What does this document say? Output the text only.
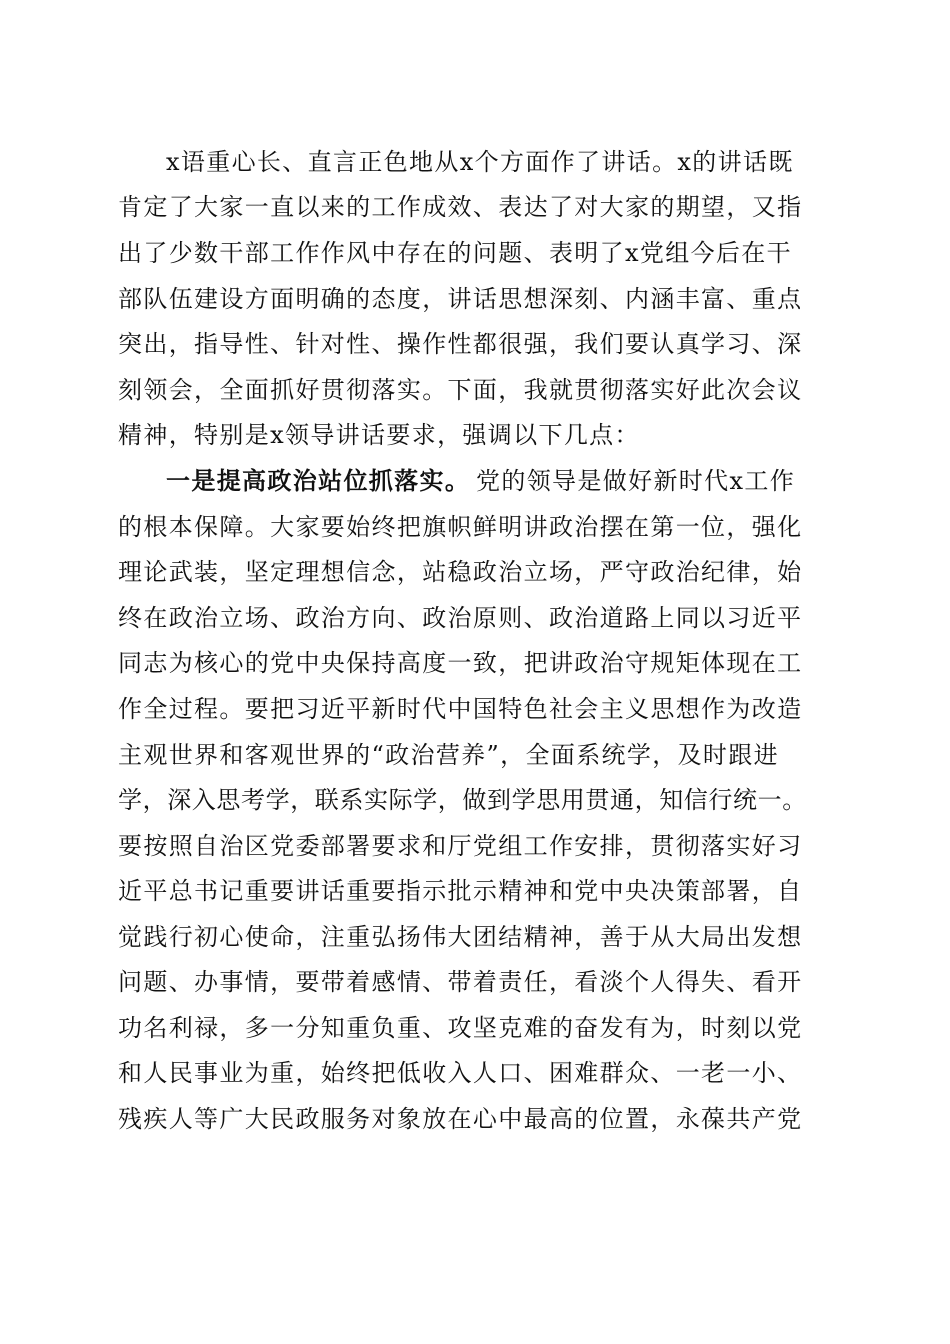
x语重心长、直言正色地从x个方面作了讲话。x的讲话既
肯定了大家一直以来的工作成效、表达了对大家的期望，又指
出了少数干部工作作风中存在的问题、表明了x党组今后在干
部队伍建设方面明确的态度，讲话思想深刻、内涵丰富、重点
突出，指导性、针对性、操作性都很强，我们要认真学习、深
刻领会，全面抓好贯彻落实。下面，我就贯彻落实好此次会议
精神，特别是x领导讲话要求，强调以下几点：
一是提高政治站位抓落实。 党的领导是做好新时代x工作
的根本保障。大家要始终把旗帜鲜明讲政治摆在第一位，强化
理论武装，坚定理想信念，站稳政治立场，严守政治纪律，始
终在政治立场、政治方向、政治原则、政治道路上同以习近平
同志为核心的党中央保持高度一致，把讲政治守规矩体现在工
作全过程。要把习近平新时代中国特色社会主义思想作为改造
主观世界和客观世界的“政治营养”，全面系统学，及时跟进
学，深入思考学，联系实际学，做到学思用贯通，知信行统一。
要按照自治区党委部署要求和厅党组工作安排，贯彻落实好习
近平总书记重要讲话重要指示批示精神和党中央决策部署，自
觉践行初心使命，注重弘扬伟大团结精神，善于从大局出发想
问题、办事情，要带着感情、带着责任，看淡个人得失、看开
功名利禄，多一分知重负重、攻坚克难的奋发有为，时刻以党
和人民事业为重，始终把低收入人口、困难群众、一老一小、
残疾人等广大民政服务对象放在心中最高的位置，永葆共产党
